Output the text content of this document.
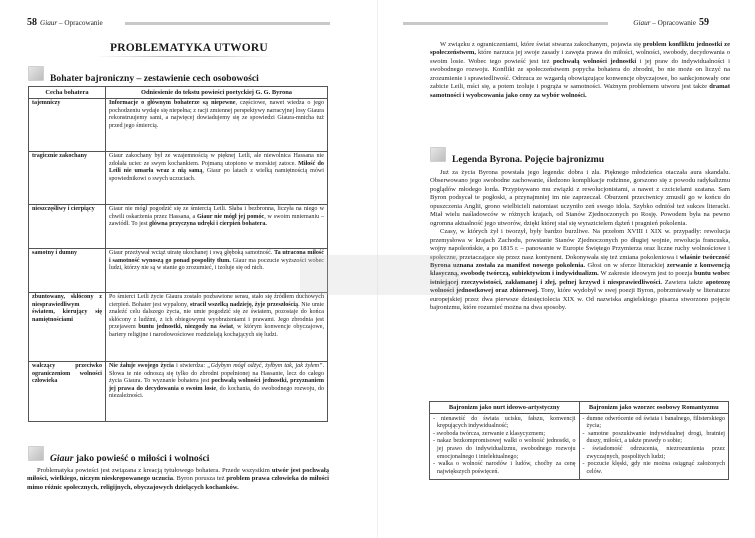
58 Giaur – Opracowanie
PROBLEMATYKA UTWORU
Bohater bajroniczny – zestawienie cech osobowości
Cecha bohatera	Odniesienie do tekstu powieści poetyckiej G. G. Byrona
tajemniczy	Informacje o głównym bohaterze są niepewne, częściowe, nawet wiedza o jego pochodzeniu wydaje się niepełna; z racji zmiennej perspektywy narracyjnej losy Giaura rekonstruujemy sami, a najwięcej dowiadujemy się ze spowiedzi Giaura-mnicha tuż przed jego śmiercią.
tragicznie zakochany	Giaur zakochany był ze wzajemnością w pięknej Leili, ale niewolnica Hassana nie zdołała uciec ze swym kochankiem. Pojmaną utopiono w morskiej zatoce. Miłość do Leili nie umarła wraz z nią samą, Giaur po latach z wielką namiętnością mówi spowiednikowi o swych uczuciach.
nieszczęśliwy i cierpiący	Giaur nie mógł pogodzić się ze śmiercią Leili. Słaba i bezbronna, liczyła na niego w chwili oskarżenia przez Hassana, a Giaur nie mógł jej pomóc, w swoim mniemaniu – zawiódł. To jest główna przyczyna udręki i cierpień bohatera.
samotny i dumny	Giaur przeżywał wciąż utratę ukochanej i swą głęboką samotność. Ta utracona miłość i samotność wynoszą go ponad pospolity tłum. Giaur ma poczucie wyższości wobec ludzi, którzy nie są w stanie go zrozumieć, i izoluje się od nich.
zbuntowany, skłócony z niesprawiedliwym światem, kierujący się namiętnościami	Po śmierci Leili życie Giaura zostało pozbawione sensu, stało się źródłem duchowych cierpień. Bohater jest wypalony, stracił wszelką nadzieję, żyje przeszłością. Nie umie znaleźć celu dalszego życia, nie umie pogodzić się ze światem, pozostaje do końca skłócony z ludźmi, z ich obiegowymi wyobrażeniami i prawami. Jego zbrodnia jest przejawem buntu jednostki, niezgody na świat, w którym konwencje obyczajowe, bariery religijne i narodowościowe rozdzielają kochających się ludzi.
walczący przeciwko ograniczeniom wolności człowieka	Nie żałuje swojego życia i stwierdza: „Gdybym mógł odżyć, żyłbym tak, jak żyłem”. Słowa te nie odnoszą się tylko do zbrodni popełnionej na Hassanie, lecz do całego życia Giaura. To wyznanie bohatera jest pochwałą wolności jednostki, przyznaniem jej prawa do decydowania o swoim losie, do kochania, do swobodnego rozwoju, do niezależności.
Giaur jako powieść o miłości i wolności

Problematyka powieści jest związana z kreacją tytułowego bohatera. Przede wszystkim utwór jest pochwałą miłości, wielkiego, niczym nieskrępowanego uczucia. Byron porusza też problem prawa człowieka do miłości mimo różnic społecznych, religijnych, obyczajowych dzielących kochanków.

Giaur – Opracowanie 59

W związku z ograniczeniami, które świat stwarza zakochanym, pojawia się problem konfliktu jednostki ze społeczeństwem, które narzuca jej swoje zasady i zawęża prawa do miłości, wolności, swobody, decydowania o swoim losie. Wobec tego powieść jest też pochwałą wolności jednostki i jej praw do indywidualności i swobodnego rozwoju. Konflikt ze społeczeństwem popycha bohatera do zbrodni, bo nie może on liczyć na zrozumienie i sprawiedliwość. Odrzuca ze wzgardą obowiązujące konwencje obyczajowe, bo sankcjonowały one zabicie Leili, mści się, a potem izoluje i pogrąża w samotności. Ważnym problemem utworu jest także dramat samotności i wyobcowania jako ceny za wybór wolności.

Legenda Byrona. Pojęcie bajronizmu

Już za życia Byrona powstała jego legenda: dobra i zła. Pięknego młodzieńca otaczała aura skandalu. Obserwowano jego swobodne zachowanie, śledzono komplikacje rodzinne, gorszono się z powodu radykalizmu poglądów młodego lorda. Przypisywano mu związki z rewolucjonistami, a nawet z czcicielami szatana. Sam Byron podsycał te pogłoski, a przynajmniej im nie zaprzeczał. Oburzeni przeciwnicy zmusili go w końcu do opuszczenia Anglii, grono wielbicieli natomiast uczyniło zeń swego idola. Szybko odniósł też sukces literacki. Miał wielu naśladowców w różnych krajach, od Stanów Zjednoczonych po Rosję. Powodem była na pewno ogromna aktualność jego utworów, dzięki której stał się wyrazicielem dążeń i pragnień pokolenia.

Czasy, w których żył i tworzył, były bardzo burzliwe. Na przełom XVIII i XIX w. przypadły: rewolucja przemysłowa w krajach Zachodu, powstanie Stanów Zjednoczonych po długiej wojnie, rewolucja francuska, wojny napoleońskie, a po 1815 r. – panowanie w Europie Świętego Przymierza oraz liczne ruchy wolnościowe i społeczne, przetaczające się przez nasz kontynent. Dokonywała się też zmiana pokoleniowa i właśnie twórczość Byrona uznana została za manifest nowego pokolenia. Głosi on w sferze literackiej zerwanie z konwencją klasyczną, swobodę twórczą, subiektywizm i indywidualizm. W zakresie ideowym jest to poezja buntu wobec istniejącej rzeczywistości, zakłamanej i złej, pełnej krzywd i niesprawiedliwości. Zawiera także apoteozę wolności jednostkowej oraz zbiorowej. Tony, które wydobył w swej poezji Byron, pobrzmiewały w literaturze europejskiej przez dwa pierwsze dziesięciolecia XIX w. Od nazwiska angielskiego pisarza stworzono pojęcie bajronizmu, które rozumieć można na dwa sposoby.

Bajronizm jako nurt ideowo-artystyczny	Bajronizm jako wzorzec osobowy Romantyzmu

- nienawiść do świata ucisku, fałszu, konwencji krępujących indywidualność;
- swoboda twórcza, zerwanie z klasycyzmem;
- nakaz bezkompromisowej walki o wolność jednostki, o jej prawo do indywidualizmu, swobodnego rozwoju emocjonalnego i intelektualnego;
- walka o wolność narodów i ludów, choćby za cenę największych poświęceń.

- dumne odwrócenie od świata i banalnego, filisterskiego życia;
- samotne poszukiwanie indywidualnej drogi, bratniej duszy, miłości, a także prawdy o sobie;
- świadomość odrzucenia, niezrozumienia przez zwyczajnych, pospolitych ludzi;
- poczucie klęski, gdy nie można osiągnąć założonych celów.
